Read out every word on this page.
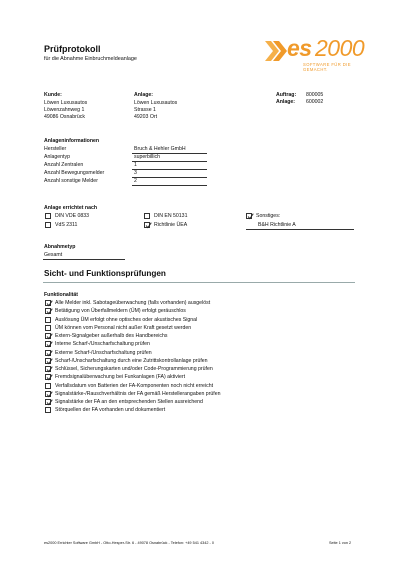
Prüfprotokoll
für die Abnahme Einbruchmeldeanlage	es 2000
SOFTWARE FÜR DIE GEMACHT.
Kunde:
Löwen Luxusautos
Löwenzahnweg 1
49086 Osnabrück
Anlage:
Löwen Luxusautos
Strasse 1
49203 Ort
Auftrag: 800005
Anlage: 600002
Anlageninformationen
Hersteller	Bruch & Hehler GmbH
Anlagentyp	superbillich
Anzahl Zentralen	1
Anzahl Bewegungsmelder	3
Anzahl sonstige Melder	2
Anlage errichtet nach
DIN VDE 0833
VdS 2311
DIN EN 50131
Richtlinie ÜEA
Sonstiges:
B&H Richtlinie A
Abnahmetyp
Gesamt
Sicht- und Funktionsprüfungen
Funktionalität
Alle Melder inkl. Sabotageüberwachung (falls vorhanden) ausgelöst
Betätigung von Überfallmeldern (ÜM) erfolgt geräuschlos
Auslösung ÜM erfolgt ohne optisches oder akustisches Signal
ÜM können vom Personal nicht außer Kraft gesetzt werden
Extern-Signalgeber außerhalb des Handbereichs
Interne Scharf-/Unscharfschaltung prüfen
Externe Scharf-/Unscharfschaltung prüfen
Scharf-/Unscharfschaltung durch eine Zutrittskontrollanlage prüfen
Schlüssel, Sicherungskarten und/oder Code-Programmierung prüfen
Fremdsignalüberwachung bei Funkanlagen (FA) aktiviert
Verfallsdatum von Batterien der FA-Komponenten noch nicht erreicht
Signalstärke-/Rauschverhältnis der FA gemäß Herstellerangaben prüfen
Signalstärke der FA an den entsprechenden Stellen ausreichend
Störquellen der FA vorhanden und dokumentiert
es2000 Errichter Software GmbH - Otto-Hesper-Str. 6 - 49078 Osnabrück - Telefon: +49 541 4342 - 0	Seite 1 von 2
